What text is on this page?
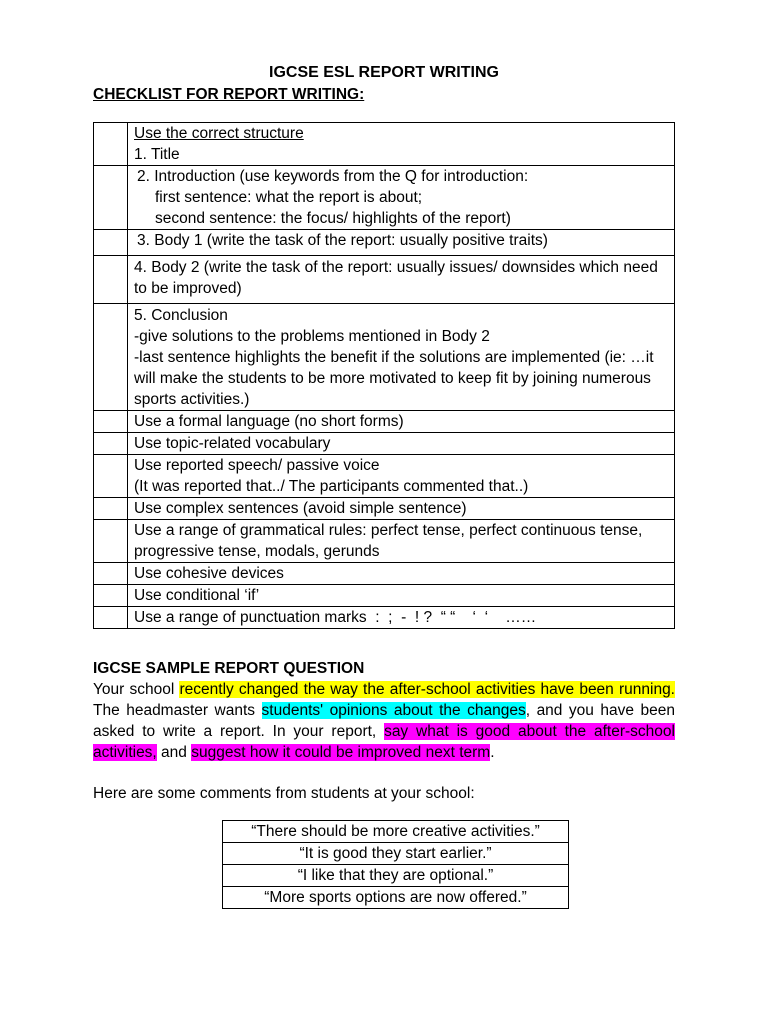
IGCSE ESL REPORT WRITING
CHECKLIST FOR REPORT WRITING:

	Use the correct structure
1. Title

	2. Introduction (use keywords from the Q for introduction:
first sentence: what the report is about;
second sentence: the focus/ highlights of the report)

	3. Body 1 (write the task of the report: usually positive traits)

	4. Body 2 (write the task of the report: usually issues/ downsides which need to be improved)

	5. Conclusion
-give solutions to the problems mentioned in Body 2
-last sentence highlights the benefit if the solutions are implemented (ie: …it will make the students to be more motivated to keep fit by joining numerous sports activities.)

	Use a formal language (no short forms)
	Use topic-related vocabulary

	Use reported speech/ passive voice
(It was reported that../ The participants commented that..)

	Use complex sentences (avoid simple sentence)
	Use a range of grammatical rules: perfect tense, perfect continuous tense, progressive tense, modals, gerunds
	Use cohesive devices
	Use conditional ‘if’
	Use a range of punctuation marks  :  ;  -  ! ?  “ “    ‘  ‘    ……
IGCSE SAMPLE REPORT QUESTION
Your school recently changed the way the after-school activities have been running. The headmaster wants students' opinions about the changes, and you have been asked to write a report. In your report, say what is good about the after-school activities, and suggest how it could be improved next term.
Here are some comments from students at your school:
“There should be more creative activities.”
“It is good they start earlier.”
“I like that they are optional.”
“More sports options are now offered.”
